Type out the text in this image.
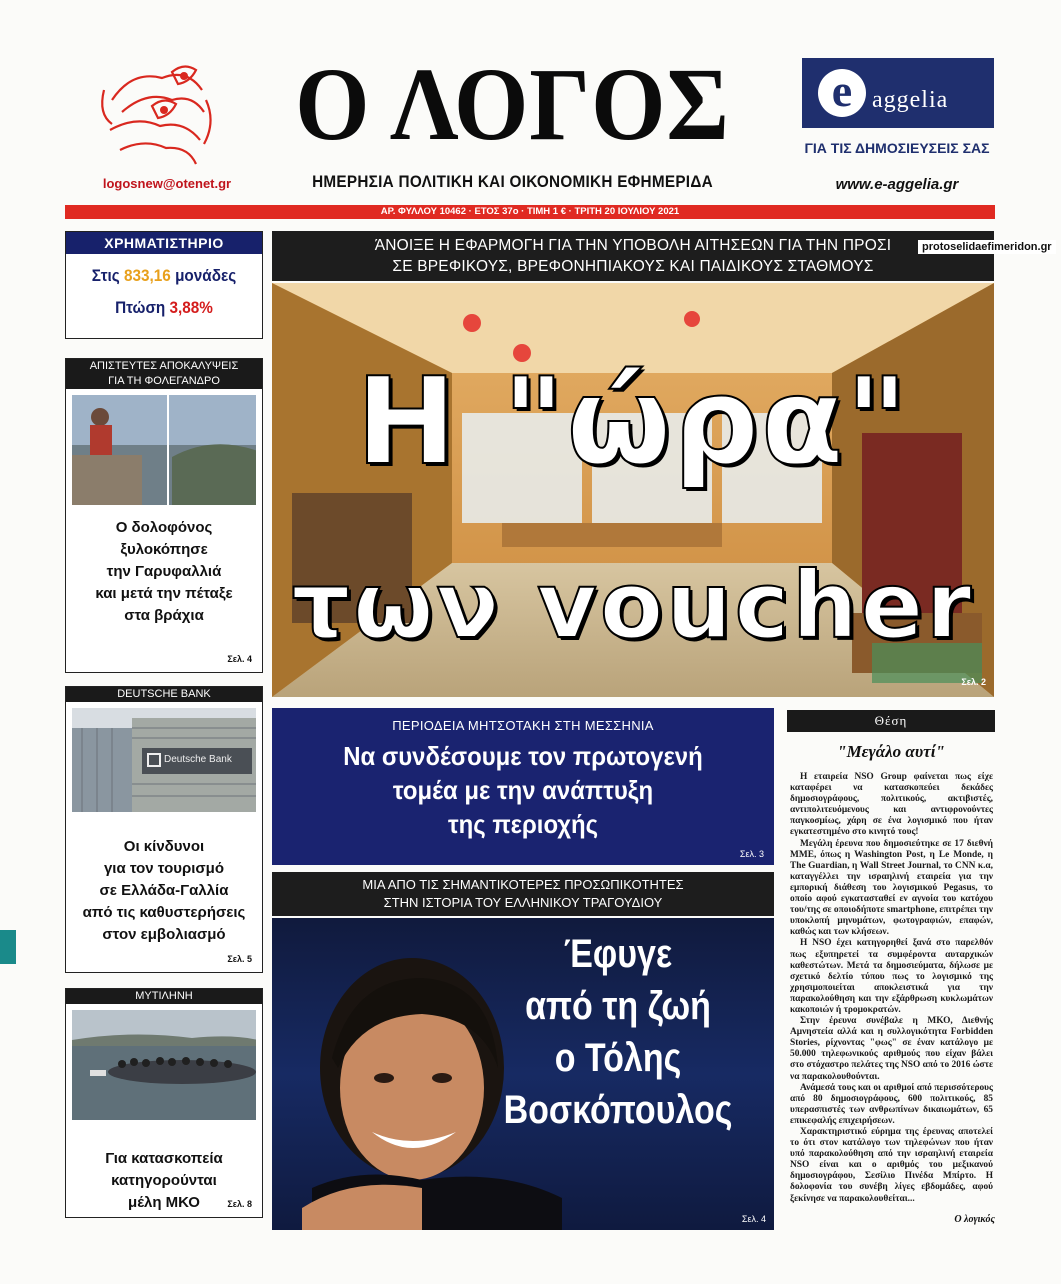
logosnew@otenet.gr
Ο ΛΟΓΟΣ
ΗΜΕΡΗΣΙΑ ΠΟΛΙΤΙΚΗ ΚΑΙ ΟΙΚΟΝΟΜΙΚΗ ΕΦΗΜΕΡΙΔΑ
e aggelia
ΓΙΑ ΤΙΣ ΔΗΜΟΣΙΕΥΣΕΙΣ ΣΑΣ
www.e-aggelia.gr
ΑΡ. ΦΥΛΛΟΥ 10462 · ΕΤΟΣ 37ο · ΤΙΜΗ 1 € · ΤΡΙΤΗ 20 ΙΟΥΛΙΟΥ 2021
ΧΡΗΜΑΤΙΣΤΗΡΙΟ
Στις 833,16 μονάδες
Πτώση 3,88%
ΑΠΙΣΤΕΥΤΕΣ ΑΠΟΚΑΛΥΨΕΙΣ
ΓΙΑ ΤΗ ΦΟΛΕΓΑΝΔΡΟ
Ο δολοφόνος
ξυλοκόπησε
την Γαρυφαλλιά
και μετά την πέταξε
στα βράχια
Σελ. 4
DEUTSCHE BANK
Deutsche Bank
Οι κίνδυνοι
για τον τουρισμό
σε Ελλάδα-Γαλλία
από τις καθυστερήσεις
στον εμβολιασμό
Σελ. 5
ΜΥΤΙΛΗΝΗ
Για κατασκοπεία
κατηγορούνται
μέλη ΜΚΟ	Σελ. 8
ΆΝΟΙΞΕ Η ΕΦΑΡΜΟΓΗ ΓΙΑ ΤΗΝ ΥΠΟΒΟΛΗ ΑΙΤΗΣΕΩΝ ΓΙΑ ΤΗΝ ΠΡΟΣΙ
ΣΕ ΒΡΕΦΙΚΟΥΣ, ΒΡΕΦΟΝΗΠΙΑΚΟΥΣ ΚΑΙ ΠΑΙΔΙΚΟΥΣ ΣΤΑΘΜΟΥΣ
protoselidaefimeridon.gr
Η "ώρα"
των voucher
Σελ. 2
ΠΕΡΙΟΔΕΙΑ ΜΗΤΣΟΤΑΚΗ ΣΤΗ ΜΕΣΣΗΝΙΑ
Να συνδέσουμε τον πρωτογενή
τομέα με την ανάπτυξη
της περιοχής
Σελ. 3
ΜΙΑ ΑΠΟ ΤΙΣ ΣΗΜΑΝΤΙΚΟΤΕΡΕΣ ΠΡΟΣΩΠΙΚΟΤΗΤΕΣ
ΣΤΗΝ ΙΣΤΟΡΙΑ ΤΟΥ ΕΛΛΗΝΙΚΟΥ ΤΡΑΓΟΥΔΙΟΥ
Έφυγε
από τη ζωή
ο Τόλης
Βοσκόπουλος
Σελ. 4
Θέση
"Μεγάλο αυτί"

Η εταιρεία NSO Group φαίνεται πως είχε καταφέρει να κατασκοπεύει δεκάδες δημοσιογράφους, πολιτικούς, ακτιβιστές, αντιπολιτευόμενους και αντιφρονούντες παγκοσμίως, χάρη σε ένα λογισμικό που ήταν εγκατεστημένο στο κινητό τους!

Μεγάλη έρευνα που δημοσιεύτηκε σε 17 διεθνή ΜΜΕ, όπως η Washington Post, η Le Monde, η The Guardian, η Wall Street Journal, το CNN κ.α, καταγγέλλει την ισραηλινή εταιρεία για την εμπορική διάθεση του λογισμικού Pegasus, το οποίο αφού εγκατασταθεί εν αγνοία του κατόχου του/της σε οποιοδήποτε smartphone, επιτρέπει την υποκλοπή μηνυμάτων, φωτογραφιών, επαφών, καθώς και των κλήσεων.

Η NSO έχει κατηγορηθεί ξανά στο παρελθόν πως εξυπηρετεί τα συμφέροντα αυταρχικών καθεστώτων. Μετά τα δημοσιεύματα, δήλωσε με σχετικό δελτίο τύπου πως το λογισμικό της χρησιμοποιείται αποκλειστικά για την παρακολούθηση και την εξάρθρωση κυκλωμάτων κακοποιών ή τρομοκρατών.

Στην έρευνα συνέβαλε η ΜΚΟ, Διεθνής Αμνηστεία αλλά και η συλλογικότητα Forbidden Stories, ρίχνοντας "φως" σε έναν κατάλογο με 50.000 τηλεφωνικούς αριθμούς που είχαν βάλει στο στόχαστρο πελάτες της NSO από το 2016 ώστε να παρακολουθούνται.

Ανάμεσά τους και οι αριθμοί από περισσότερους από 80 δημοσιογράφους, 600 πολιτικούς, 85 υπερασπιστές των ανθρωπίνων δικαιωμάτων, 65 επικεφαλής επιχειρήσεων.

Χαρακτηριστικό εύρημα της έρευνας αποτελεί το ότι στον κατάλογο των τηλεφώνων που ήταν υπό παρακολούθηση από την ισραηλινή εταιρεία NSO είναι και ο αριθμός του μεξικανού δημοσιογράφου, Σεσίλιο Πινέδα Μπίρτο. Η δολοφονία του συνέβη λίγες εβδομάδες, αφού ξεκίνησε να παρακολουθείται...

Ο λογικός
